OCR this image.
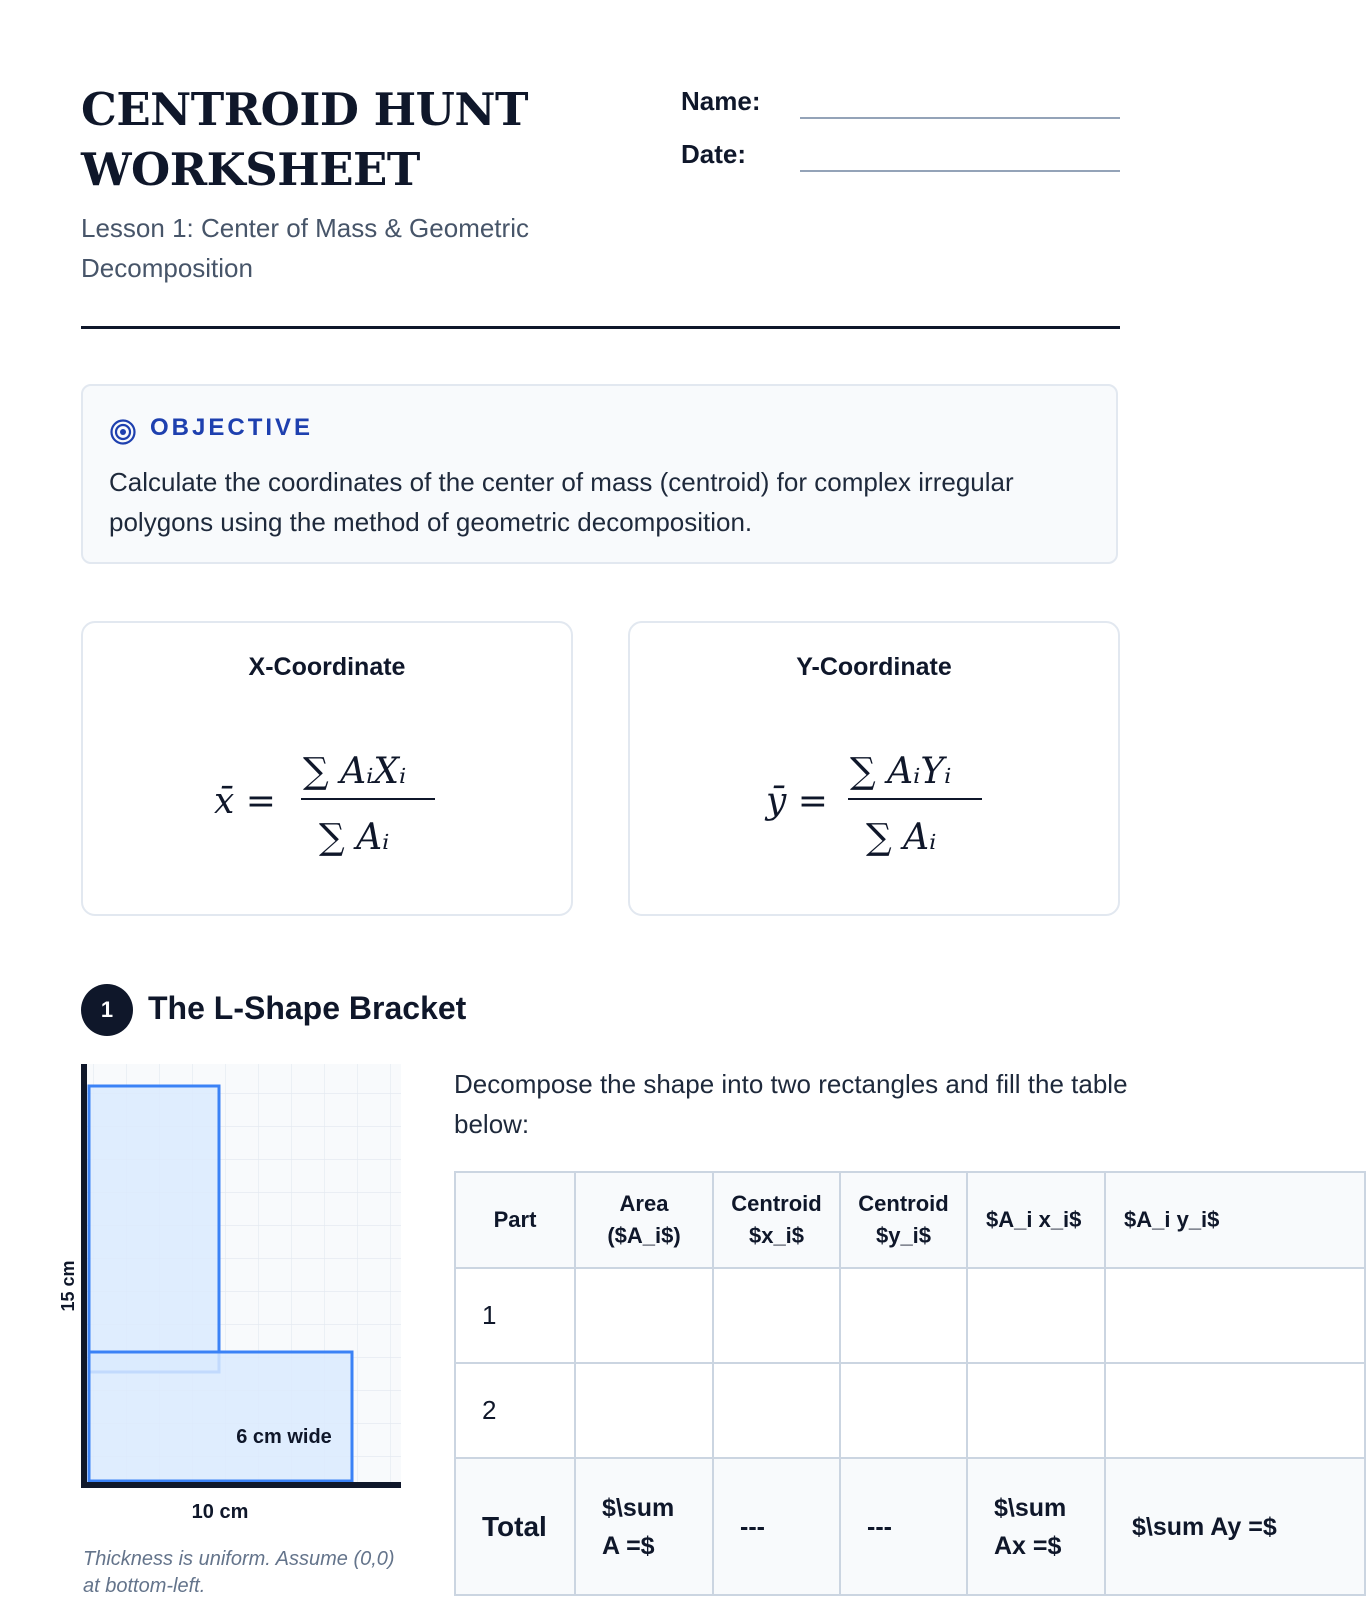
CENTROID HUNT WORKSHEET
Lesson 1: Center of Mass & Geometric Decomposition
Name:
Date:
OBJECTIVE
Calculate the coordinates of the center of mass (centroid) for complex irregular polygons using the method of geometric decomposition.
X-Coordinate
x̄ =
∑ AᵢXᵢ
∑ Aᵢ
Y-Coordinate
ȳ =
∑ AᵢYᵢ
∑ Aᵢ
1	The L-Shape Bracket
15 cm
10 cm
6 cm wide
Thickness is uniform. Assume (0,0) at bottom-left.
Decompose the shape into two rectangles and fill the table below:
Part	Area ($A_i$)	Centroid $x_i$	Centroid $y_i$	$A_i x_i$	$A_i y_i$
1					
2					
Total	$\sum A =$	---	---	$\sum Ax =$	$\sum Ay =$
